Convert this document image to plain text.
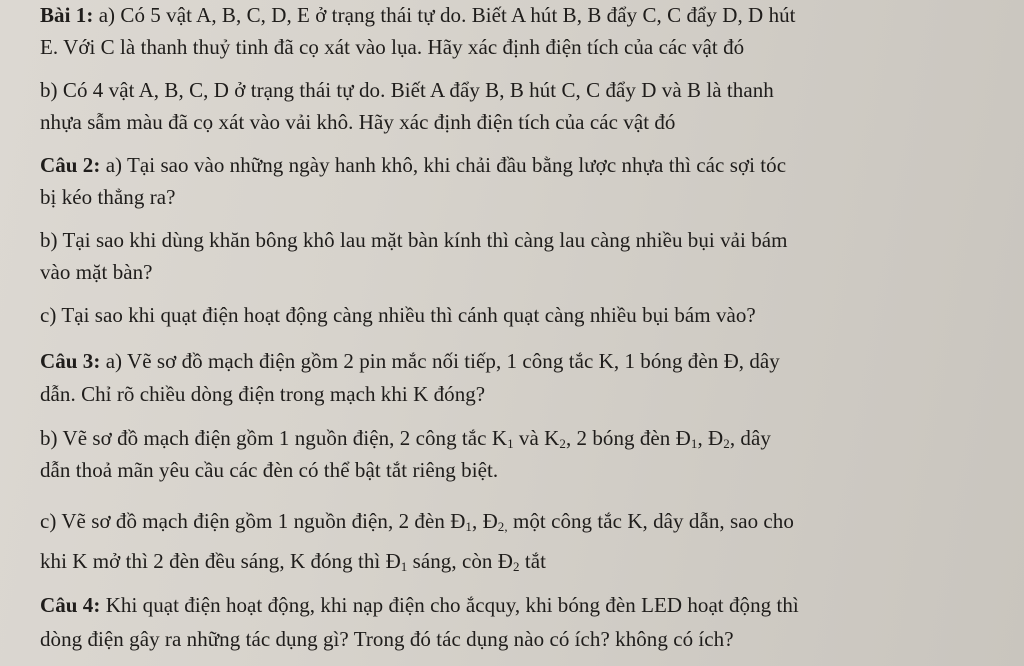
Bài 1: a) Có 5 vật A, B, C, D, E ở trạng thái tự do. Biết A hút B, B đẩy C, C đẩy D, D hút
E. Với C là thanh thuỷ tinh đã cọ xát vào lụa. Hãy xác định điện tích của các vật đó
b) Có 4 vật A, B, C, D ở trạng thái tự do. Biết A đẩy B, B hút C, C đẩy D và B là thanh
nhựa sẫm màu đã cọ xát vào vải khô. Hãy xác định điện tích của các vật đó
Câu 2: a) Tại sao vào những ngày hanh khô, khi chải đầu bằng lược nhựa thì các sợi tóc
bị kéo thẳng ra?
b) Tại sao khi dùng khăn bông khô lau mặt bàn kính thì càng lau càng nhiều bụi vải bám
vào mặt bàn?
c) Tại sao khi quạt điện hoạt động càng nhiều thì cánh quạt càng nhiều bụi bám vào?
Câu 3: a) Vẽ sơ đồ mạch điện gồm 2 pin mắc nối tiếp, 1 công tắc K, 1 bóng đèn Đ, dây
dẫn. Chỉ rõ chiều dòng điện trong mạch khi K đóng?
b) Vẽ sơ đồ mạch điện gồm 1 nguồn điện, 2 công tắc $K_1$ và $K_2$, 2 bóng đèn $Đ_1$, $Đ_2$, dây
dẫn thoả mãn yêu cầu các đèn có thể bật tắt riêng biệt.
c) Vẽ sơ đồ mạch điện gồm 1 nguồn điện, 2 đèn $Đ_1$, $Đ_{2,}$ một công tắc K, dây dẫn, sao cho
khi K mở thì 2 đèn đều sáng, K đóng thì $Đ_1$ sáng, còn $Đ_2$ tắt
Câu 4: Khi quạt điện hoạt động, khi nạp điện cho ắcquy, khi bóng đèn LED hoạt động thì
dòng điện gây ra những tác dụng gì? Trong đó tác dụng nào có ích? không có ích?
